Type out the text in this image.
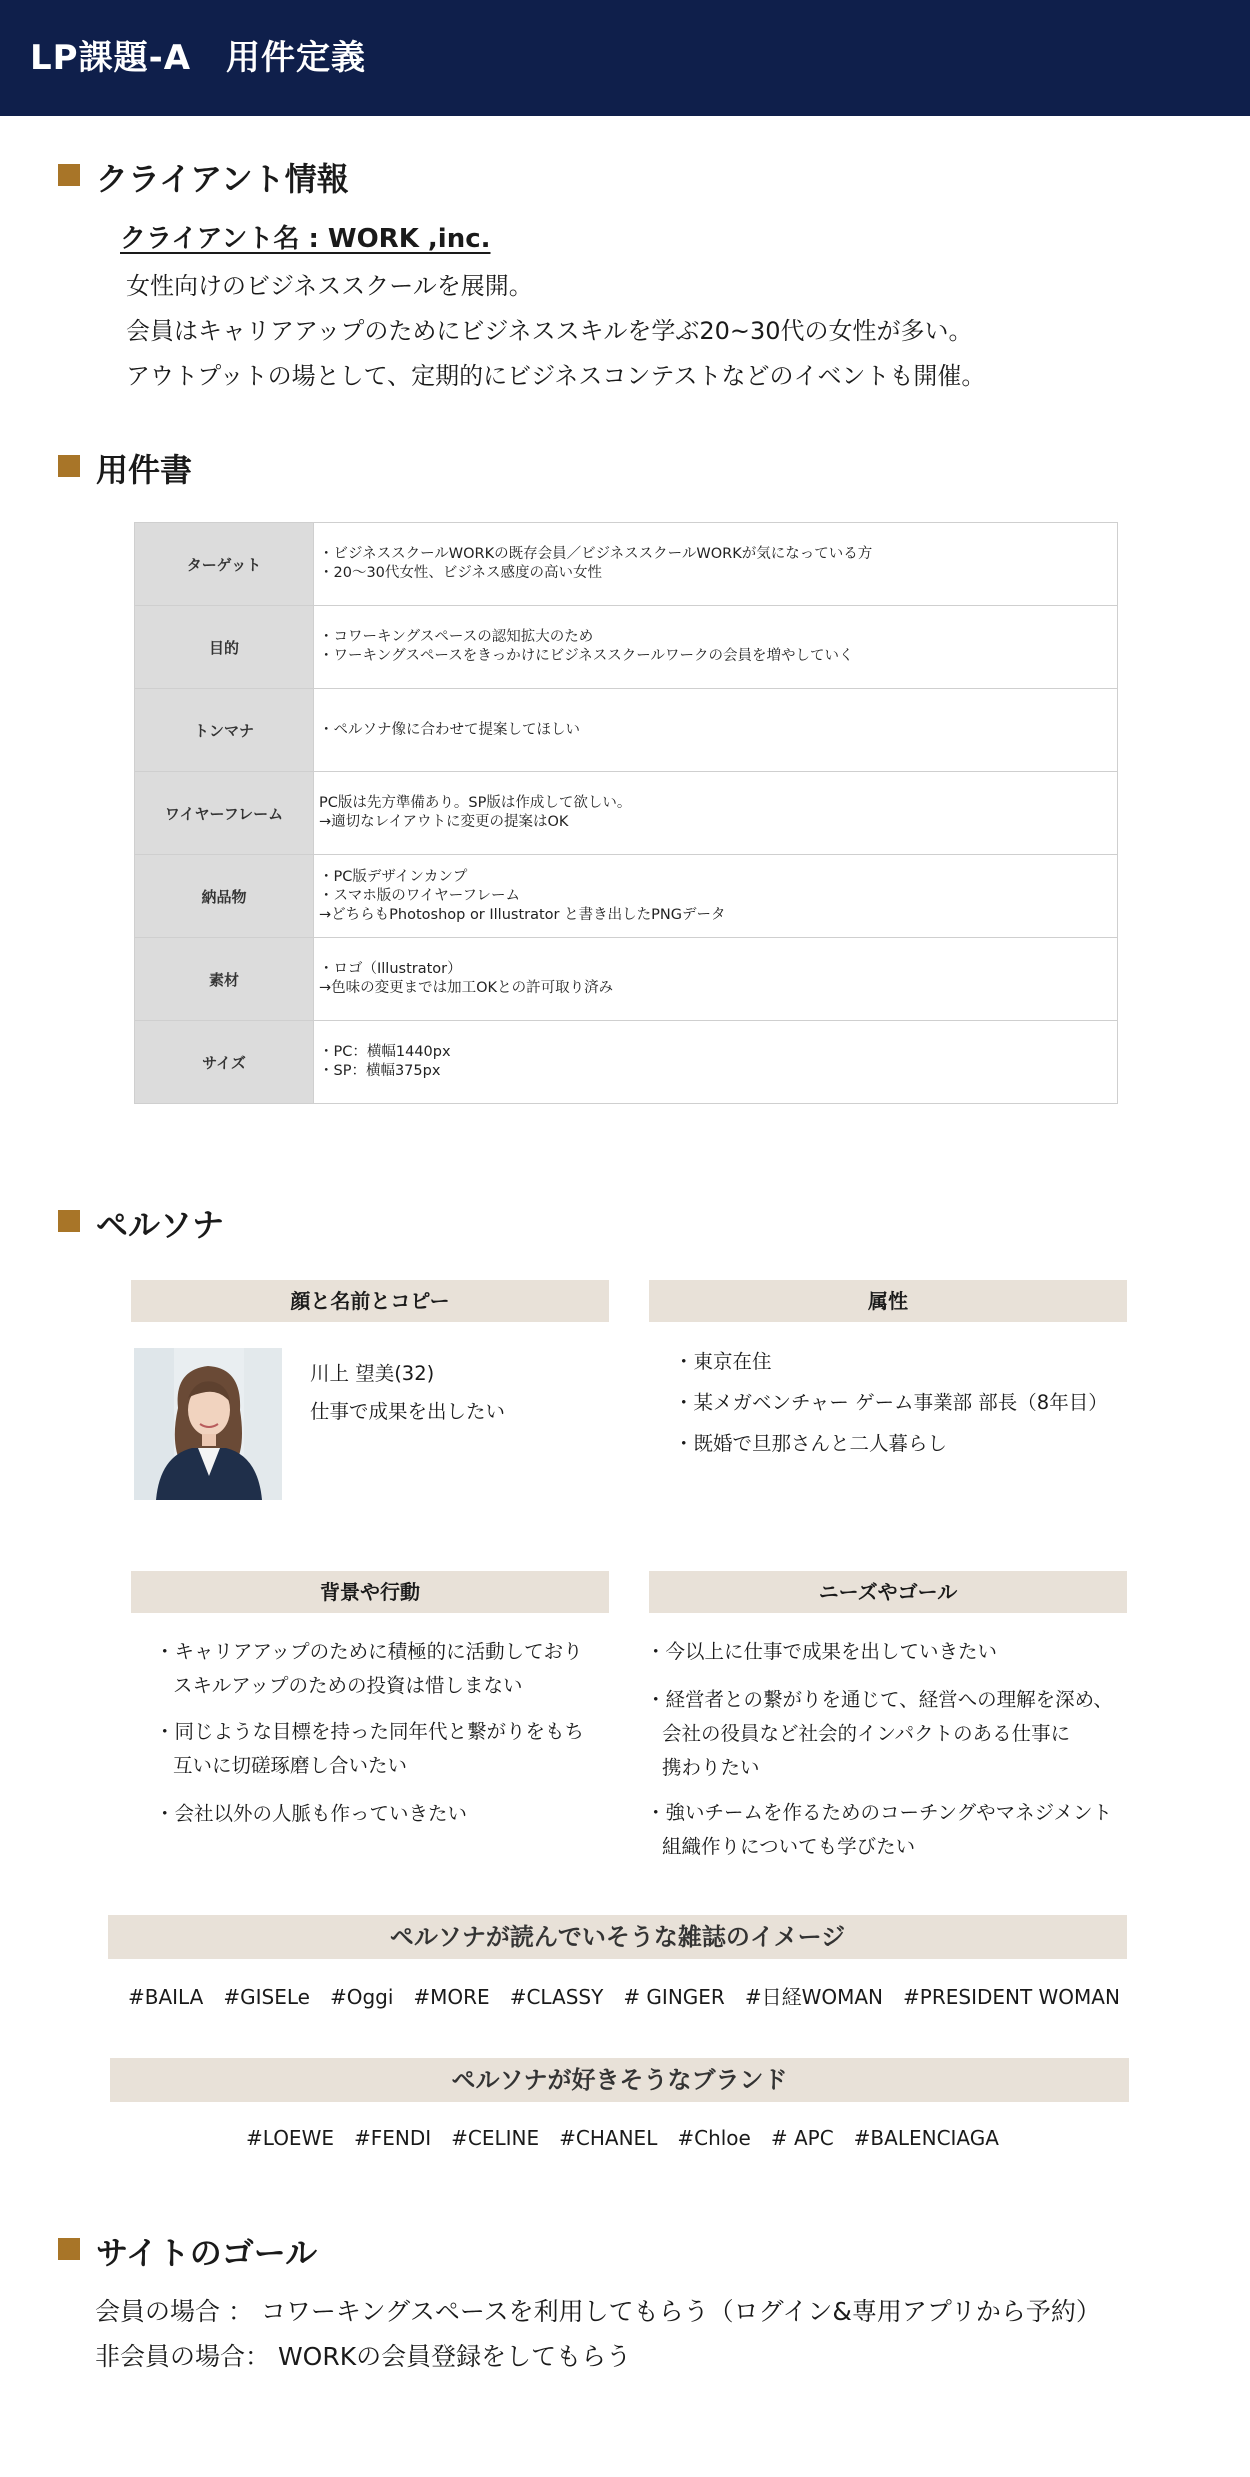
LP課題-A　用件定義
クライアント情報
クライアント名 : WORK ,inc.
女性向けのビジネススクールを展開。
会員はキャリアアップのためにビジネススキルを学ぶ20~30代の女性が多い。
アウトプットの場として、定期的にビジネスコンテストなどのイベントも開催。
用件書
ターゲット	・ビジネススクールWORKの既存会員／ビジネススクールWORKが気になっている方
・20～30代女性、ビジネス感度の高い女性

目的	・コワーキングスペースの認知拡大のため
・ワーキングスペースをきっかけにビジネススクールワークの会員を増やしていく

トンマナ	・ペルソナ像に合わせて提案してほしい

ワイヤーフレーム	PC版は先方準備あり。SP版は作成して欲しい。
→適切なレイアウトに変更の提案はOK

納品物	・PC版デザインカンプ
・スマホ版のワイヤーフレーム
→どちらもPhotoshop or Illustrator と書き出したPNGデータ

素材	・ロゴ（Illustrator）
→色味の変更までは加工OKとの許可取り済み

サイズ	・PC：横幅1440px
・SP：横幅375px
ペルソナ
顔と名前とコピー	属性
川上 望美(32)
仕事で成果を出したい
・東京在住
・某メガベンチャー ゲーム事業部 部長（8年目）
・既婚で旦那さんと二人暮らし
背景や行動	ニーズやゴール
・キャリアアップのために積極的に活動しており
スキルアップのための投資は惜しまない
・同じような目標を持った同年代と繋がりをもち
互いに切磋琢磨し合いたい
・会社以外の人脈も作っていきたい
・今以上に仕事で成果を出していきたい
・経営者との繋がりを通じて、経営への理解を深め、
会社の役員など社会的インパクトのある仕事に
携わりたい
・強いチームを作るためのコーチングやマネジメント
組織作りについても学びたい
ペルソナが読んでいそうな雑誌のイメージ
#BAILA #GISELe #Oggi #MORE #CLASSY # GINGER #日経WOMAN #PRESIDENT WOMAN
ペルソナが好きそうなブランド
#LOEWE #FENDI #CELINE #CHANEL #Chloe # APC #BALENCIAGA
サイトのゴール
会員の場合 ： コワーキングスペースを利用してもらう（ログイン&専用アプリから予約）
非会員の場合： WORKの会員登録をしてもらう
